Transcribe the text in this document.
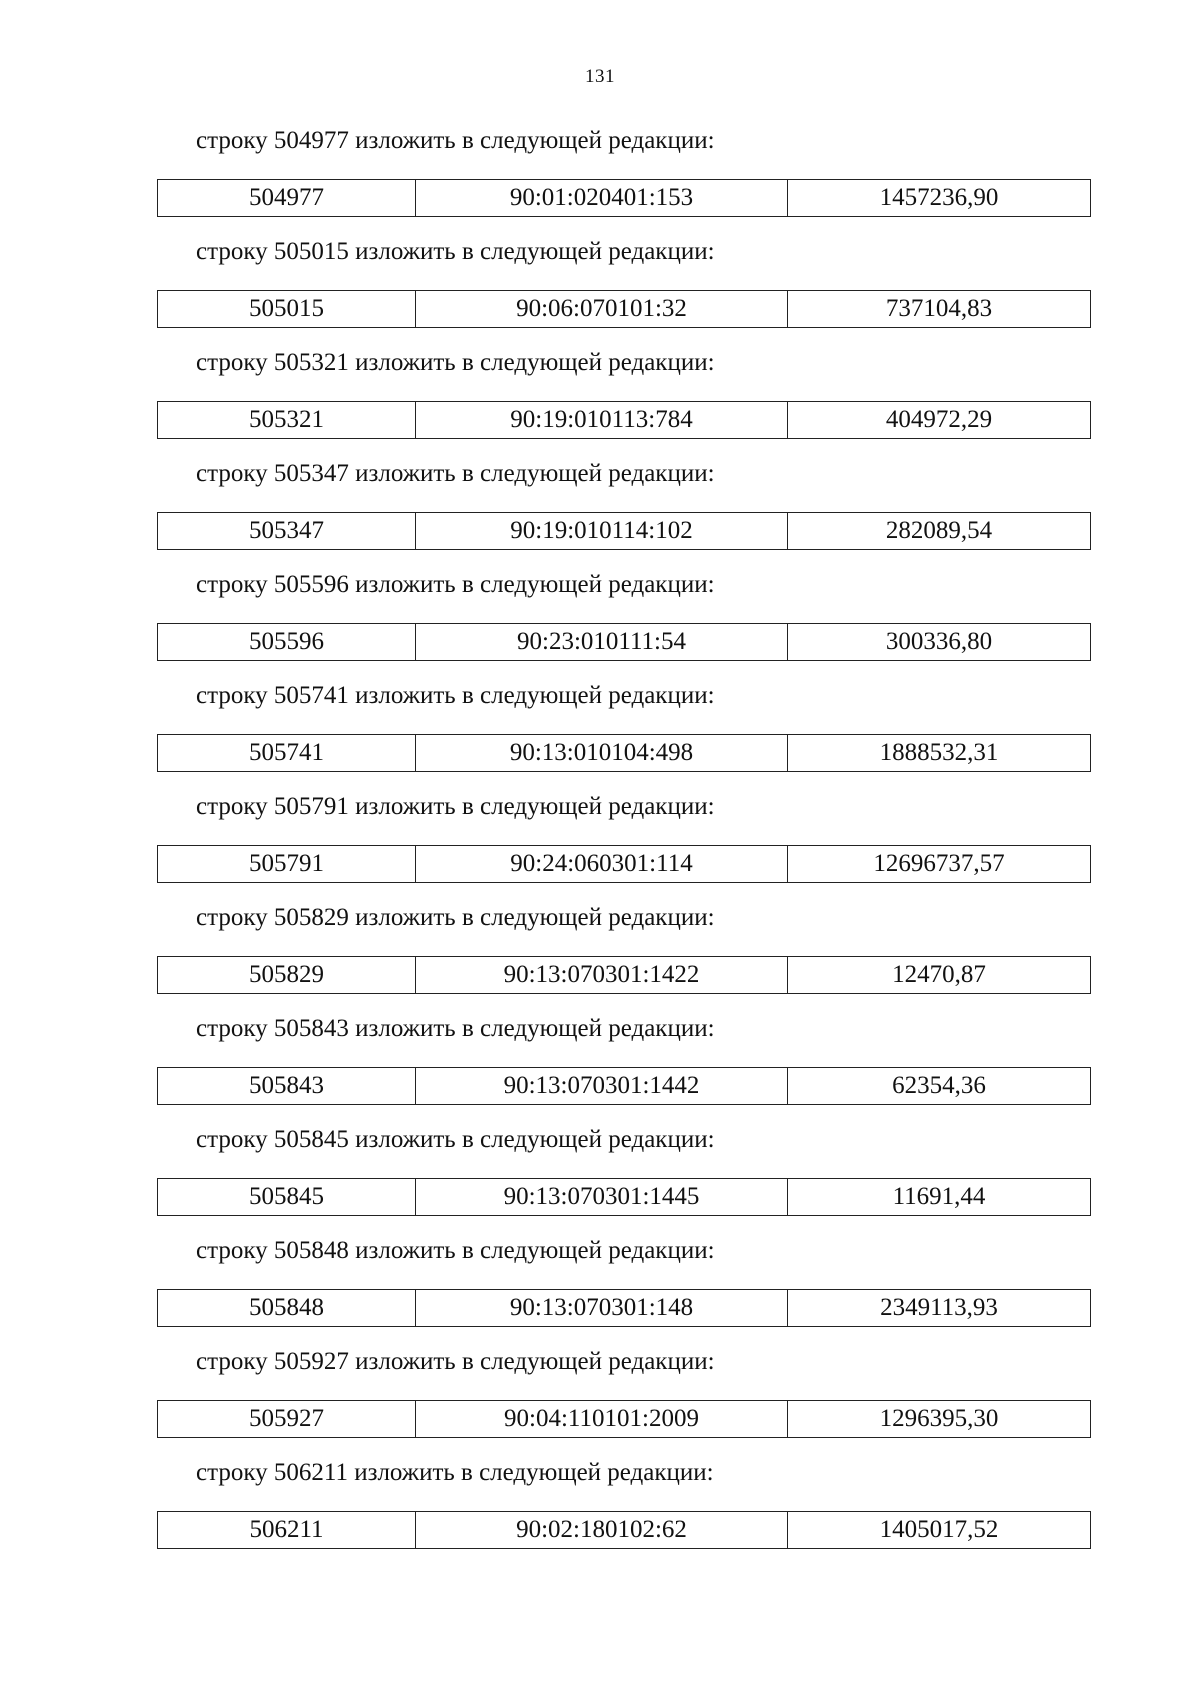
131
строку 504977 изложить в следующей редакции:
504977	90:01:020401:153	1457236,90
строку 505015 изложить в следующей редакции:
505015	90:06:070101:32	737104,83
строку 505321 изложить в следующей редакции:
505321	90:19:010113:784	404972,29
строку 505347 изложить в следующей редакции:
505347	90:19:010114:102	282089,54
строку 505596 изложить в следующей редакции:
505596	90:23:010111:54	300336,80
строку 505741 изложить в следующей редакции:
505741	90:13:010104:498	1888532,31
строку 505791 изложить в следующей редакции:
505791	90:24:060301:114	12696737,57
строку 505829 изложить в следующей редакции:
505829	90:13:070301:1422	12470,87
строку 505843 изложить в следующей редакции:
505843	90:13:070301:1442	62354,36
строку 505845 изложить в следующей редакции:
505845	90:13:070301:1445	11691,44
строку 505848 изложить в следующей редакции:
505848	90:13:070301:148	2349113,93
строку 505927 изложить в следующей редакции:
505927	90:04:110101:2009	1296395,30
строку 506211 изложить в следующей редакции:
506211	90:02:180102:62	1405017,52
